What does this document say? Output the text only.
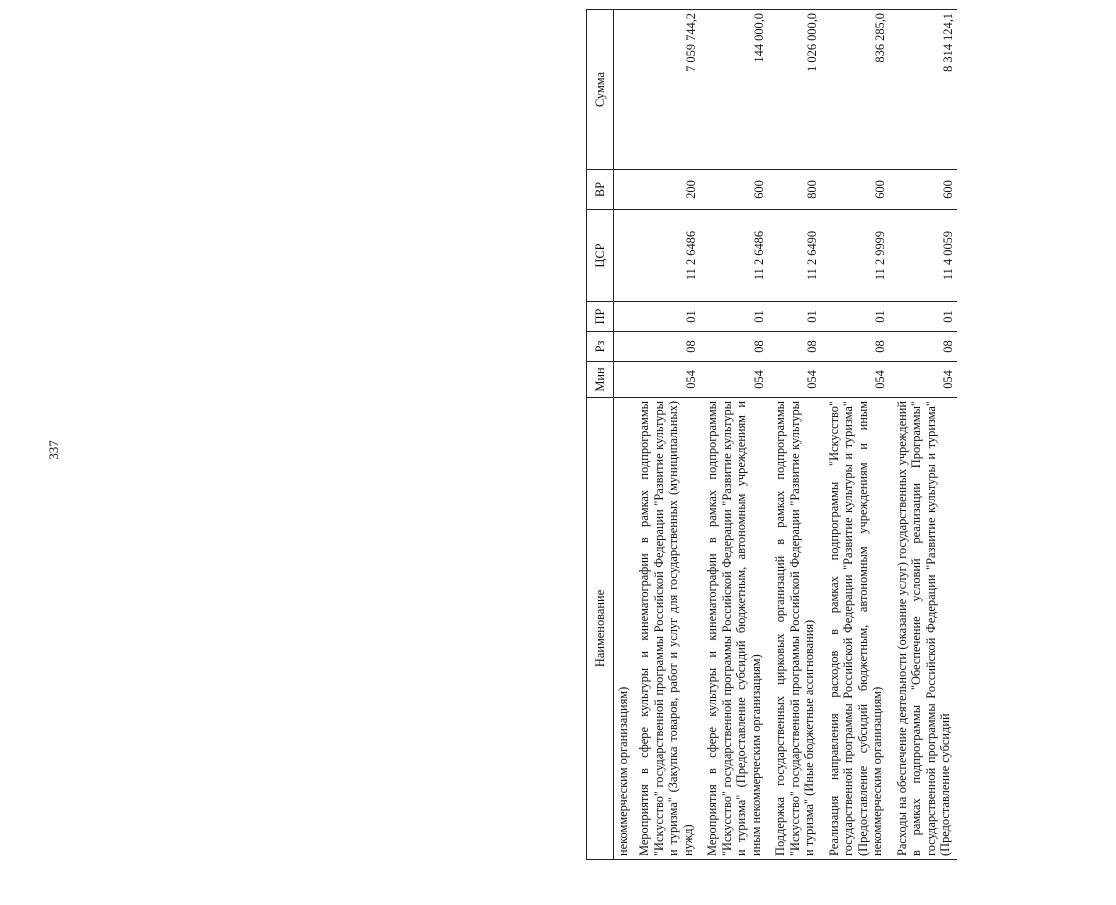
337
Наименование	Мин	Рз	ПР	ЦСР	ВР	Сумма
некоммерческим организациям)						
Мероприятия в сфере культуры и кинематографии в рамках подпрограммы "Искусство" государственной программы Российской Федерации "Развитие культуры и туризма" (Закупка товаров, работ и услуг для государственных (муниципальных) нужд)	054	08	01	11 2 6486	200	7 059 744,2
Мероприятия в сфере культуры и кинематографии в рамках подпрограммы "Искусство" государственной программы Российской Федерации "Развитие культуры и туризма" (Предоставление субсидий бюджетным, автономным учреждениям и иным некоммерческим организациям)	054	08	01	11 2 6486	600	144 000,0
Поддержка государственных цирковых организаций в рамках подпрограммы "Искусство" государственной программы Российской Федерации "Развитие культуры и туризма" (Иные бюджетные ассигнования)	054	08	01	11 2 6490	800	1 026 000,0
Реализация направления расходов в рамках подпрограммы "Искусство" государственной программы Российской Федерации "Развитие культуры и туризма" (Предоставление субсидий бюджетным, автономным учреждениям и иным некоммерческим организациям)	054	08	01	11 2 9999	600	836 285,0
Расходы на обеспечение деятельности (оказание услуг) государственных учреждений в рамках подпрограммы "Обеспечение условий реализации Программы" государственной программы Российской Федерации "Развитие культуры и туризма" (Предоставление субсидий	054	08	01	11 4 0059	600	8 314 124,1
